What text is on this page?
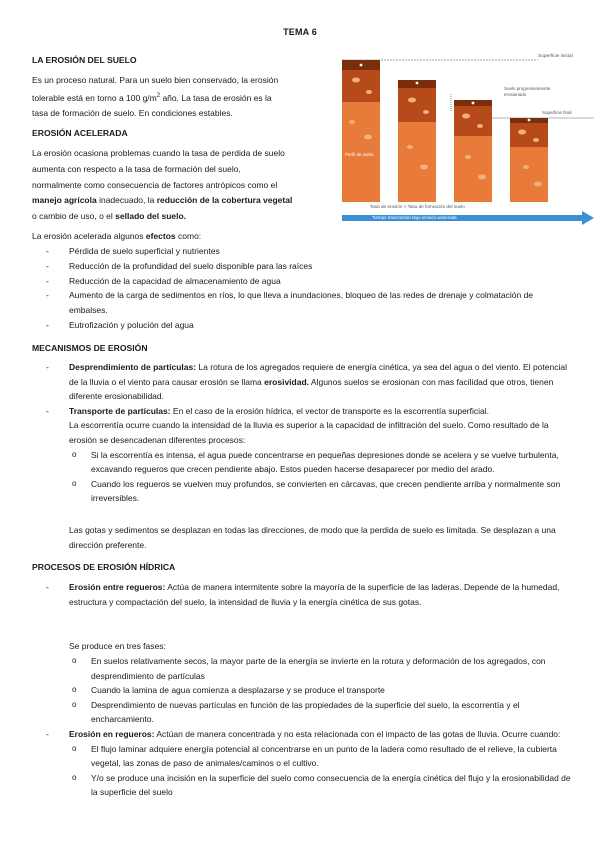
TEMA 6
LA EROSIÓN DEL SUELO
Es un proceso natural. Para un suelo bien conservado, la erosión
tolerable está en torno a 100 $g/m^2$ año. La tasa de erosión es la
tasa de formación de suelo. En condiciones estables.
EROSIÓN ACELERADA
La erosión ocasiona problemas cuando la tasa de perdida de suelo
aumenta con respecto a la tasa de formación del suelo,
normalmente como consecuencia de factores antrópicos como el
manejo agrícola inadecuado, la reducción de la cobertura vegetal
o cambio de uso, o el sellado del suelo.
Superficie inicial
Suelo progresivamente erosionado
Superficie final
Perfil de suelo
Tasa de erosión > Tasa de formación del suelo
Tiempo transcurrido bajo erosión acelerada
La erosión acelerada algunos efectos como:
- Pérdida de suelo superficial y nutrientes
- Reducción de la profundidad del suelo disponible para las raíces
- Reducción de la capacidad de almacenamiento de agua
- Aumento de la carga de sedimentos en ríos, lo que lleva a inundaciones, bloqueo de las redes de drenaje y colmatación de embalses.
- Eutrofización y polución del agua
MECANISMOS DE EROSIÓN
- Desprendimiento de partículas: La rotura de los agregados requiere de energía cinética, ya sea del agua o del viento. El potencial de la lluvia o el viento para causar erosión se llama erosividad. Algunos suelos se erosionan con mas facilidad que otros, tienen diferente erosionabilidad.
- Transporte de partículas: En el caso de la erosión hídrica, el vector de transporte es la escorrentía superficial.
La escorrentía ocurre cuando la intensidad de la lluvia es superior a la capacidad de infiltración del suelo. Como resultado de la erosión se desencadenan diferentes procesos:
o Si la escorrentía es intensa, el agua puede concentrarse en pequeñas depresiones donde se acelera y se vuelve turbulenta, excavando regueros que crecen pendiente abajo. Estos pueden hacerse desaparecer por medio del arado.
o Cuando los regueros se vuelven muy profundos, se convierten en cárcavas, que crecen pendiente arriba y normalmente son irreversibles.
Las gotas y sedimentos se desplazan en todas las direcciones, de modo que la perdida de suelo es limitada. Se desplazan a una dirección preferente.
PROCESOS DE EROSIÓN HÍDRICA
- Erosión entre regueros: Actúa de manera intermitente sobre la mayoría de la superficie de las laderas. Depende de la humedad, estructura y compactación del suelo, la intensidad de lluvia y la energía cinética de sus gotas.
Se produce en tres fases:
o En suelos relativamente secos, la mayor parte de la energía se invierte en la rotura y deformación de los agregados, con desprendimiento de partículas
o Cuando la lamina de agua comienza a desplazarse y se produce el transporte
o Desprendimiento de nuevas partículas en función de las propiedades de la superficie del suelo, la escorrentía y el encharcamiento.
- Erosión en regueros: Actúan de manera concentrada y no esta relacionada con el impacto de las gotas de lluvia. Ocurre cuando:
o El flujo laminar adquiere energía potencial al concentrarse en un punto de la ladera como resultado de el relieve, la cubierta vegetal, las zonas de paso de animales/caminos o el cultivo.
o Y/o se produce una incisión en la superficie del suelo como consecuencia de la energía cinética del flujo y la erosionabilidad de la superficie del suelo
